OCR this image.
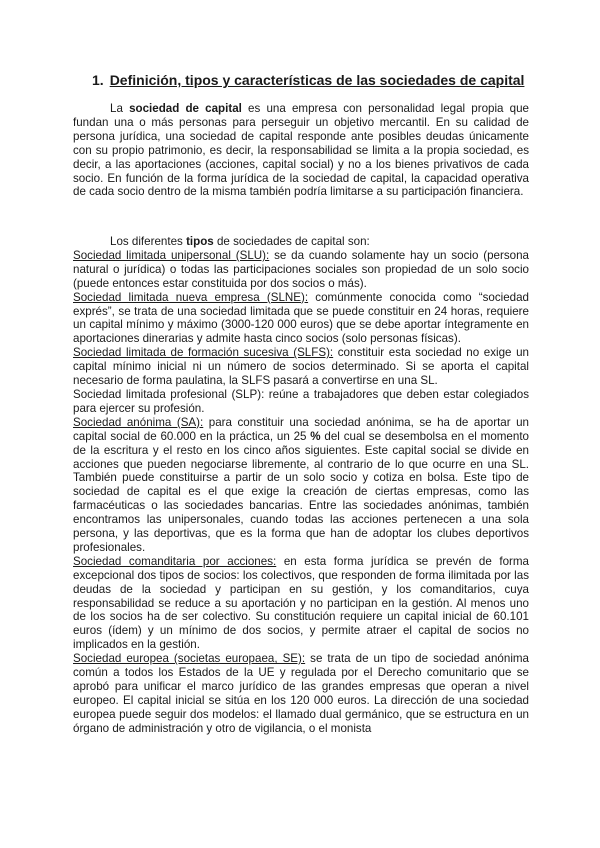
1. Definición, tipos y características de las sociedades de capital

La sociedad de capital es una empresa con personalidad legal propia que fundan una o más personas para perseguir un objetivo mercantil. En su calidad de persona jurídica, una sociedad de capital responde ante posibles deudas únicamente con su propio patrimonio, es decir, la responsabilidad se limita a la propia sociedad, es decir, a las aportaciones (acciones, capital social) y no a los bienes privativos de cada socio. En función de la forma jurídica de la sociedad de capital, la capacidad operativa de cada socio dentro de la misma también podría limitarse a su participación financiera.

Los diferentes tipos de sociedades de capital son:

Sociedad limitada unipersonal (SLU): se da cuando solamente hay un socio (persona natural o jurídica) o todas las participaciones sociales son propiedad de un solo socio (puede entonces estar constituida por dos socios o más).

Sociedad limitada nueva empresa (SLNE): comúnmente conocida como “sociedad exprés”, se trata de una sociedad limitada que se puede constituir en 24 horas, requiere un capital mínimo y máximo (3000-120 000 euros) que se debe aportar íntegramente en aportaciones dinerarias y admite hasta cinco socios (solo personas físicas).

Sociedad limitada de formación sucesiva (SLFS): constituir esta sociedad no exige un capital mínimo inicial ni un número de socios determinado. Si se aporta el capital necesario de forma paulatina, la SLFS pasará a convertirse en una SL.

Sociedad limitada profesional (SLP): reúne a trabajadores que deben estar colegiados para ejercer su profesión.

Sociedad anónima (SA): para constituir una sociedad anónima, se ha de aportar un capital social de 60.000 en la práctica, un 25 % del cual se desembolsa en el momento de la escritura y el resto en los cinco años siguientes. Este capital social se divide en acciones que pueden negociarse libremente, al contrario de lo que ocurre en una SL. También puede constituirse a partir de un solo socio y cotiza en bolsa. Este tipo de sociedad de capital es el que exige la creación de ciertas empresas, como las farmacéuticas o las sociedades bancarias. Entre las sociedades anónimas, también encontramos las unipersonales, cuando todas las acciones pertenecen a una sola persona, y las deportivas, que es la forma que han de adoptar los clubes deportivos profesionales.

Sociedad comanditaria por acciones: en esta forma jurídica se prevén de forma excepcional dos tipos de socios: los colectivos, que responden de forma ilimitada por las deudas de la sociedad y participan en su gestión, y los comanditarios, cuya responsabilidad se reduce a su aportación y no participan en la gestión. Al menos uno de los socios ha de ser colectivo. Su constitución requiere un capital inicial de 60.101 euros (ídem) y un mínimo de dos socios, y permite atraer el capital de socios no implicados en la gestión.

Sociedad europea (societas europaea, SE): se trata de un tipo de sociedad anónima común a todos los Estados de la UE y regulada por el Derecho comunitario que se aprobó para unificar el marco jurídico de las grandes empresas que operan a nivel europeo. El capital inicial se sitúa en los 120 000 euros. La dirección de una sociedad europea puede seguir dos modelos: el llamado dual germánico, que se estructura en un órgano de administración y otro de vigilancia, o el monista
